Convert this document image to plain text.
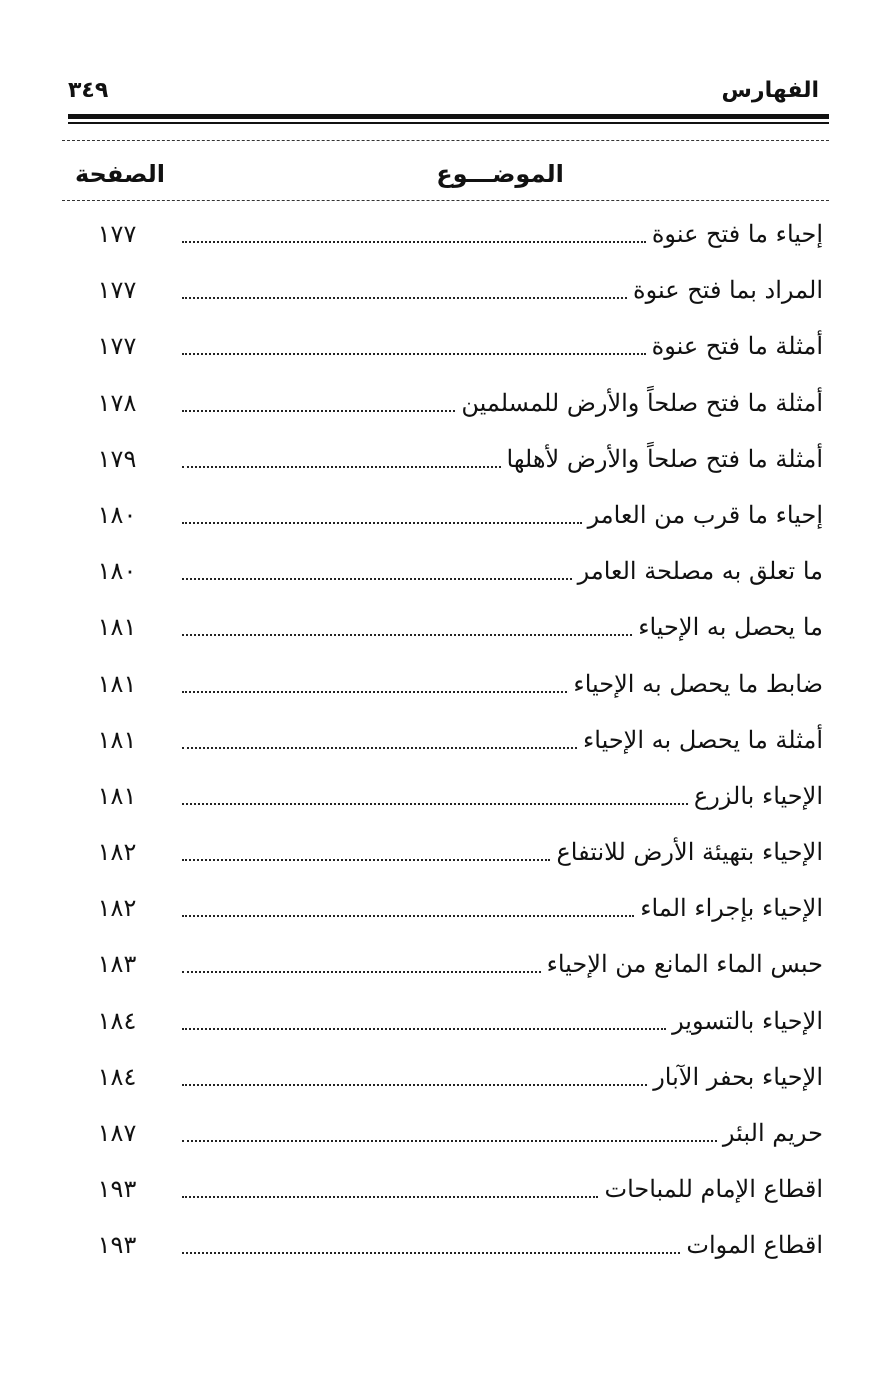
الفهارس
٣٤٩
الموضـــوع
الصفحة
إحياء ما فتح عنوة
١٧٧
المراد بما فتح عنوة
١٧٧
أمثلة ما فتح عنوة
١٧٧
أمثلة ما فتح صلحاً والأرض للمسلمين
١٧٨
أمثلة ما فتح صلحاً والأرض لأهلها
١٧٩
إحياء ما قرب من العامر
١٨٠
ما تعلق به مصلحة العامر
١٨٠
ما يحصل به الإحياء
١٨١
ضابط ما يحصل به الإحياء
١٨١
أمثلة ما يحصل به الإحياء
١٨١
الإحياء بالزرع
١٨١
الإحياء بتهيئة الأرض للانتفاع
١٨٢
الإحياء بإجراء الماء
١٨٢
حبس الماء المانع من الإحياء
١٨٣
الإحياء بالتسوير
١٨٤
الإحياء بحفر الآبار
١٨٤
حريم البئر
١٨٧
اقطاع الإمام للمباحات
١٩٣
اقطاع الموات
١٩٣
